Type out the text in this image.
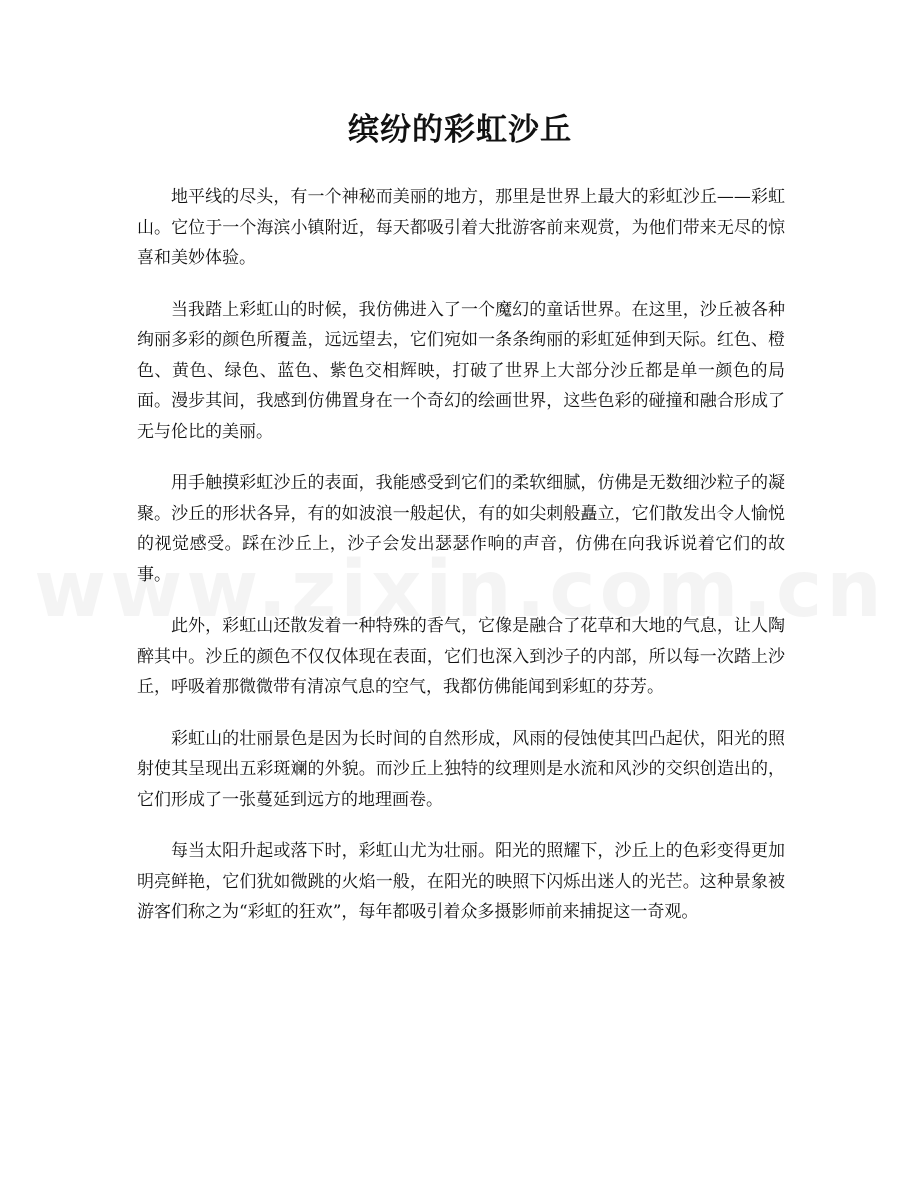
缤纷的彩虹沙丘

地平线的尽头，有一个神秘而美丽的地方，那里是世界上最大的彩虹沙丘——彩虹山。它位于一个海滨小镇附近，每天都吸引着大批游客前来观赏，为他们带来无尽的惊喜和美妙体验。

当我踏上彩虹山的时候，我仿佛进入了一个魔幻的童话世界。在这里，沙丘被各种绚丽多彩的颜色所覆盖，远远望去，它们宛如一条条绚丽的彩虹延伸到天际。红色、橙色、黄色、绿色、蓝色、紫色交相辉映，打破了世界上大部分沙丘都是单一颜色的局面。漫步其间，我感到仿佛置身在一个奇幻的绘画世界，这些色彩的碰撞和融合形成了无与伦比的美丽。

用手触摸彩虹沙丘的表面，我能感受到它们的柔软细腻，仿佛是无数细沙粒子的凝聚。沙丘的形状各异，有的如波浪一般起伏，有的如尖刺般矗立，它们散发出令人愉悦的视觉感受。踩在沙丘上，沙子会发出瑟瑟作响的声音，仿佛在向我诉说着它们的故事。

此外，彩虹山还散发着一种特殊的香气，它像是融合了花草和大地的气息，让人陶醉其中。沙丘的颜色不仅仅体现在表面，它们也深入到沙子的内部，所以每一次踏上沙丘，呼吸着那微微带有清凉气息的空气，我都仿佛能闻到彩虹的芬芳。

彩虹山的壮丽景色是因为长时间的自然形成，风雨的侵蚀使其凹凸起伏，阳光的照射使其呈现出五彩斑斓的外貌。而沙丘上独特的纹理则是水流和风沙的交织创造出的，它们形成了一张蔓延到远方的地理画卷。

每当太阳升起或落下时，彩虹山尤为壮丽。阳光的照耀下，沙丘上的色彩变得更加明亮鲜艳，它们犹如微跳的火焰一般，在阳光的映照下闪烁出迷人的光芒。这种景象被游客们称之为“彩虹的狂欢”，每年都吸引着众多摄影师前来捕捉这一奇观。
